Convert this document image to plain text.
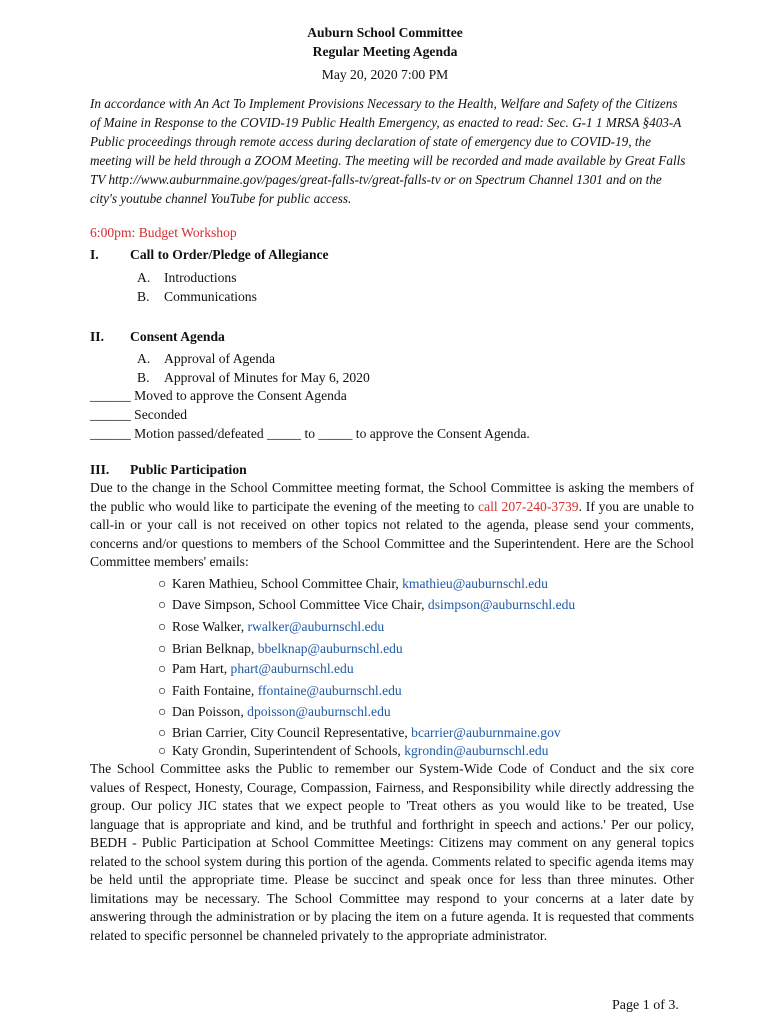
Auburn School Committee
Regular Meeting Agenda
May 20, 2020 7:00 PM
In accordance with An Act To Implement Provisions Necessary to the Health, Welfare and Safety of the Citizens of Maine in Response to the COVID-19 Public Health Emergency, as enacted to read: Sec. G-1 1 MRSA §403-A Public proceedings through remote access during declaration of state of emergency due to COVID-19, the meeting will be held through a ZOOM Meeting. The meeting will be recorded and made available by Great Falls TV http://www.auburnmaine.gov/pages/great-falls-tv/great-falls-tv or on Spectrum Channel 1301 and on the city's youtube channel YouTube for public access.
6:00pm: Budget Workshop
I. Call to Order/Pledge of Allegiance
A. Introductions
B. Communications
II. Consent Agenda
A. Approval of Agenda
B. Approval of Minutes for May 6, 2020
______ Moved to approve the Consent Agenda
______ Seconded
______ Motion passed/defeated _____ to _____ to approve the Consent Agenda.
III. Public Participation
Due to the change in the School Committee meeting format, the School Committee is asking the members of the public who would like to participate the evening of the meeting to call 207-240-3739. If you are unable to call-in or your call is not received on other topics not related to the agenda, please send your comments, concerns and/or questions to members of the School Committee and the Superintendent. Here are the School Committee members' emails:
○ Karen Mathieu, School Committee Chair, kmathieu@auburnschl.edu
○ Dave Simpson, School Committee Vice Chair, dsimpson@auburnschl.edu
○ Rose Walker, rwalker@auburnschl.edu
○ Brian Belknap, bbelknap@auburnschl.edu
○ Pam Hart, phart@auburnschl.edu
○ Faith Fontaine, ffontaine@auburnschl.edu
○ Dan Poisson, dpoisson@auburnschl.edu
○ Brian Carrier, City Council Representative, bcarrier@auburnmaine.gov
○ Katy Grondin, Superintendent of Schools, kgrondin@auburnschl.edu
The School Committee asks the Public to remember our System-Wide Code of Conduct and the six core values of Respect, Honesty, Courage, Compassion, Fairness, and Responsibility while directly addressing the group. Our policy JIC states that we expect people to 'Treat others as you would like to be treated, Use language that is appropriate and kind, and be truthful and forthright in speech and actions.' Per our policy, BEDH - Public Participation at School Committee Meetings: Citizens may comment on any general topics related to the school system during this portion of the agenda. Comments related to specific agenda items may be held until the appropriate time. Please be succinct and speak once for less than three minutes. Other limitations may be necessary. The School Committee may respond to your concerns at a later date by answering through the administration or by placing the item on a future agenda. It is requested that comments related to specific personnel be channeled privately to the appropriate administrator.
Page 1 of 3.
